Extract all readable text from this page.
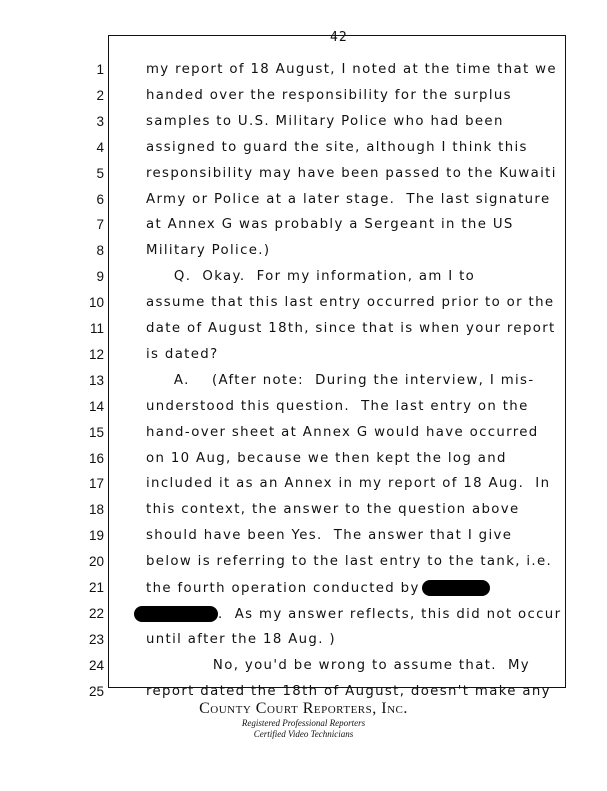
42
1	my report of 18 August, I noted at the time that we
2	handed over the responsibility for the surplus
3	samples to U.S. Military Police who had been
4	assigned to guard the site, although I think this
5	responsibility may have been passed to the Kuwaiti
6	Army or Police at a later stage.  The last signature
7	at Annex G was probably a Sergeant in the US
8	Military Police.)
9	Q.  Okay.  For my information, am I to
10	assume that this last entry occurred prior to or the
11	date of August 18th, since that is when your report
12	is dated?
13	A.    (After note:  During the interview, I mis-
14	understood this question.  The last entry on the
15	hand-over sheet at Annex G would have occurred
16	on 10 Aug, because we then kept the log and
17	included it as an Annex in my report of 18 Aug.  In
18	this context, the answer to the question above
19	should have been Yes.  The answer that I give
20	below is referring to the last entry to the tank, i.e.
21	the fourth operation conducted by
22	.  As my answer reflects, this did not occur
23	until after the 18 Aug. )
24	No, you'd be wrong to assume that.  My
25	report dated the 18th of August, doesn't make any
County Court Reporters, Inc.
Registered Professional Reporters
Certified Video Technicians
